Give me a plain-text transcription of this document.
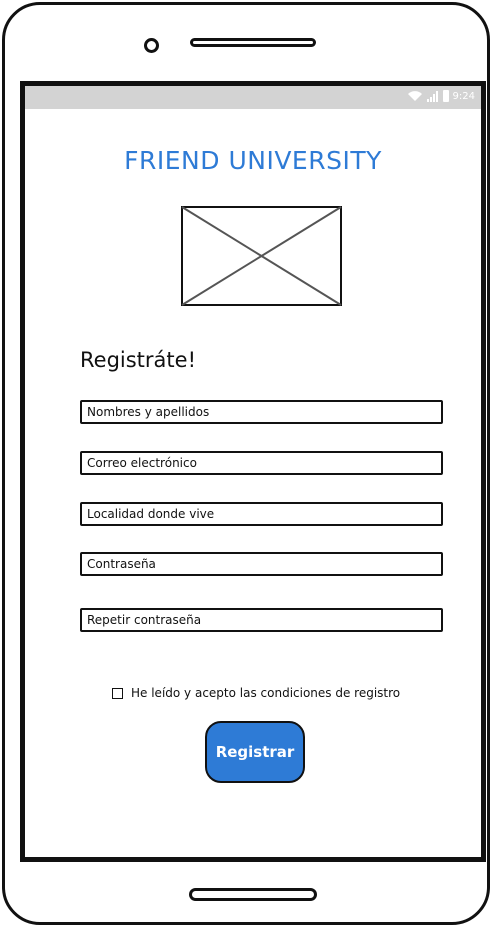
9:24
FRIEND UNIVERSITY
Registráte!
Nombres y apellidos
Correo electrónico
Localidad donde vive
He leído y acepto las condiciones de registro
Registrar
